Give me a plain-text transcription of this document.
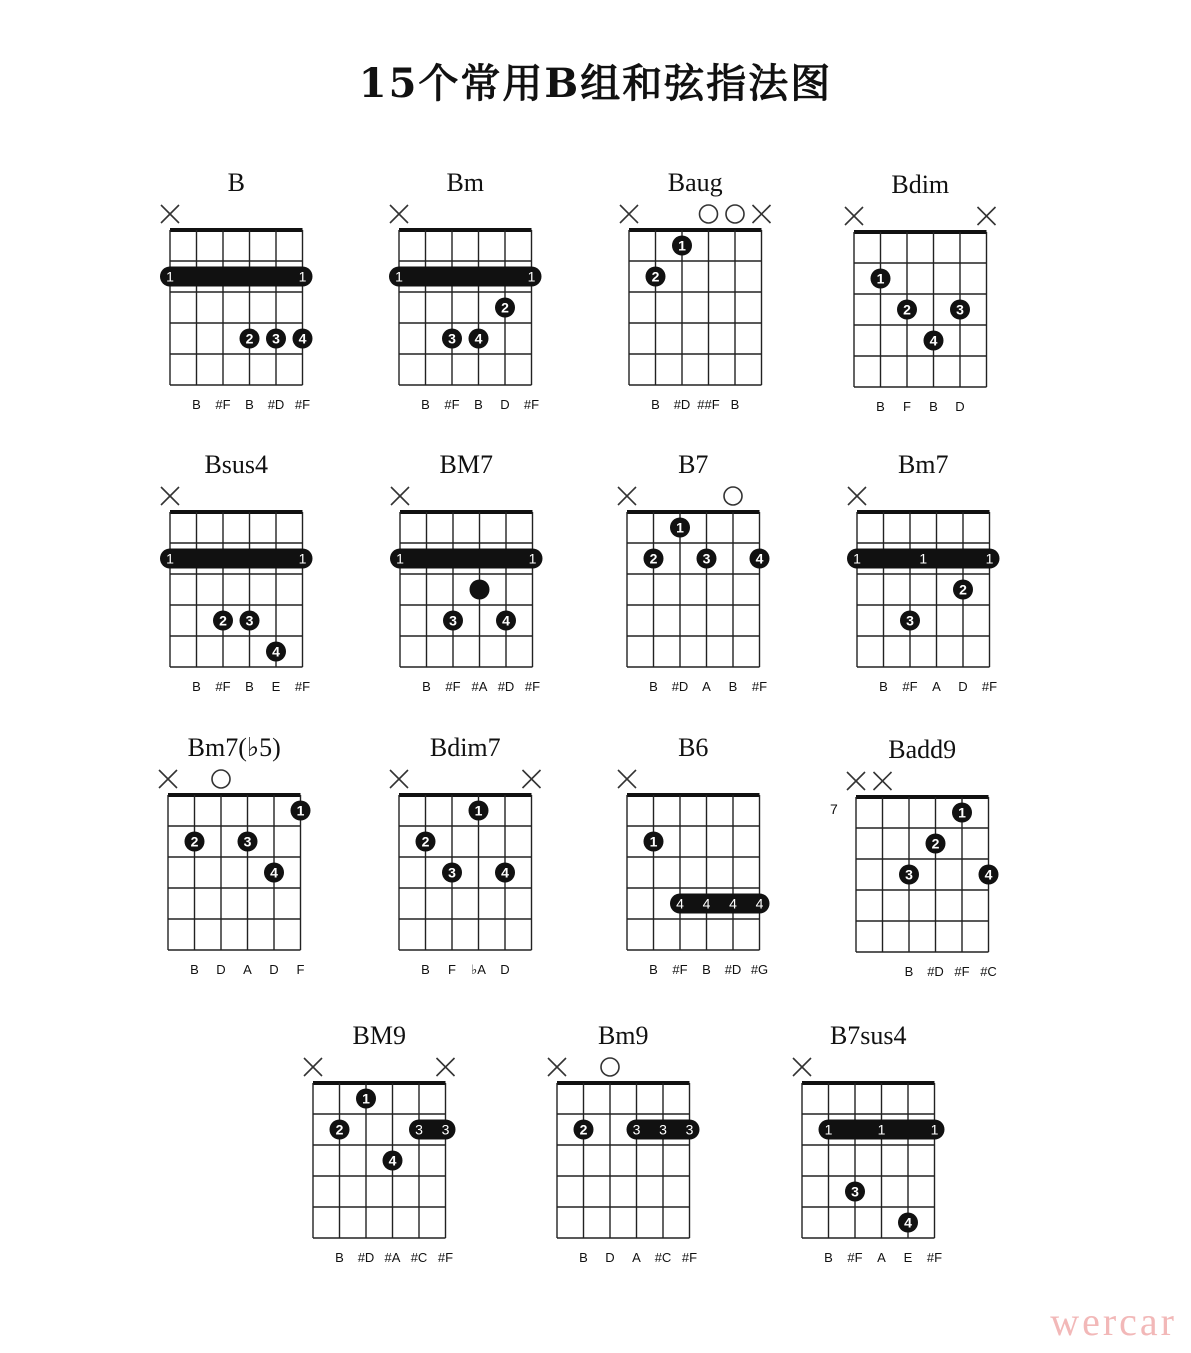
15个常用B组和弦指法图
B
1	1
2 3 4
B #F B #D #F
Bm
1	1
2
3 4
B #F B D #F
Baug
1
2
B #D ##F B
Bdim
1
2	3
4
B F B D
Bsus4
1	1
2 3
4
B #F B E #F
BM7
1	1
3	4
B #F #A #D #F
B7
1
2	3	4
B #D A B #F
Bm7
1	1	1
2
3
B #F A D #F
Bm7(♭5)
1
2	3
4
B D A D F
Bdim7
1
2
3	4
B F ♭A D
B6
4 4 4 4
1
B #F B #D #G
Badd9
1
2
3	4
7
B #D #F #C
BM9
3 3
1
2
4
B #D #A #C #F
Bm9
3 3 3
2
B D A #C #F
B7sus4
1	1	1
3
4
B #F A E #F
wercar
